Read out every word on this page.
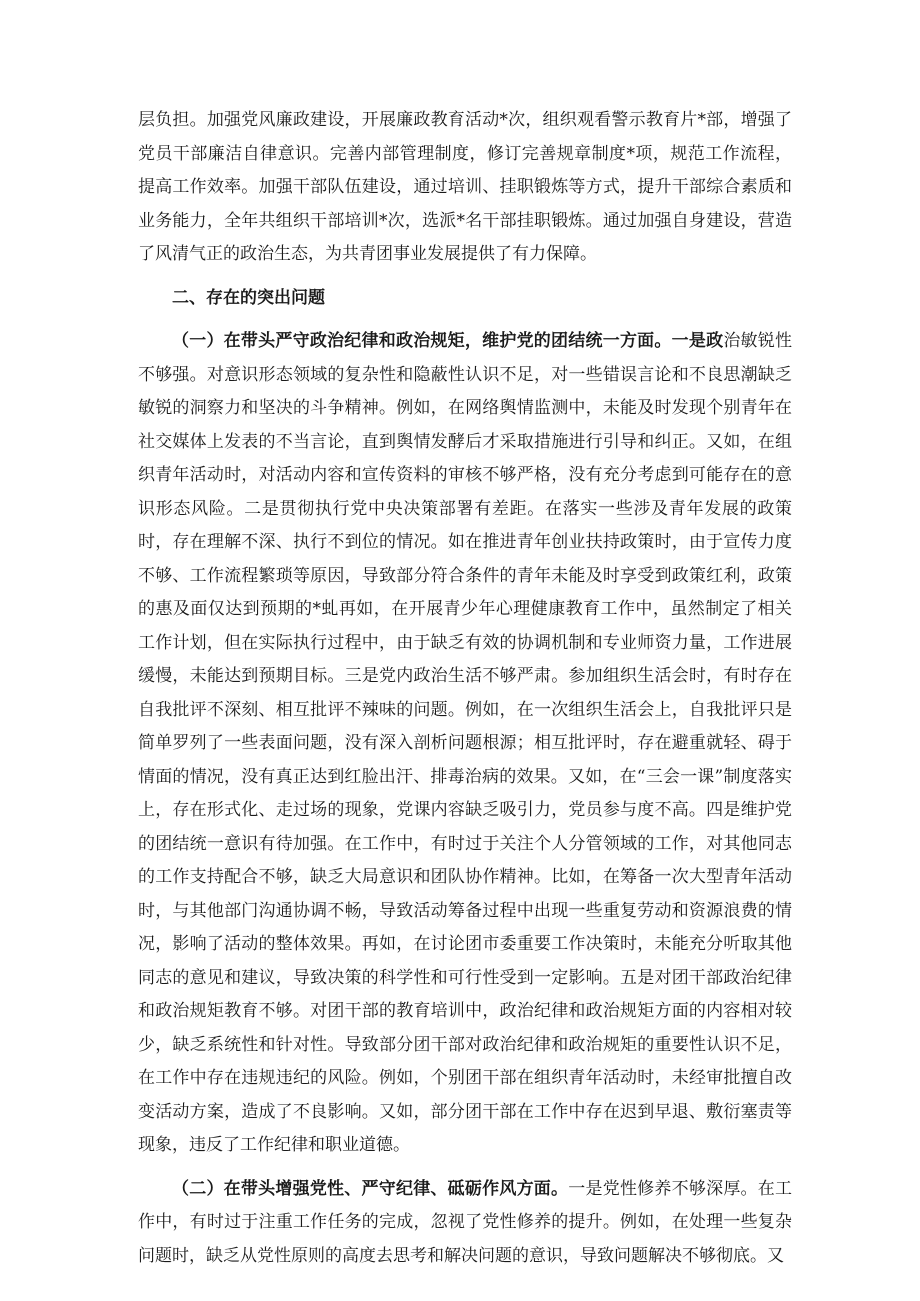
层负担。加强党风廉政建设，开展廉政教育活动*次，组织观看警示教育片*部，增强了党员干部廉洁自律意识。完善内部管理制度，修订完善规章制度*项，规范工作流程，提高工作效率。加强干部队伍建设，通过培训、挂职锻炼等方式，提升干部综合素质和业务能力，全年共组织干部培训*次，选派*名干部挂职锻炼。通过加强自身建设，营造了风清气正的政治生态，为共青团事业发展提供了有力保障。

二、存在的突出问题

（一）在带头严守政治纪律和政治规矩，维护党的团结统一方面。一是政治敏锐性不够强。对意识形态领域的复杂性和隐蔽性认识不足，对一些错误言论和不良思潮缺乏敏锐的洞察力和坚决的斗争精神。例如，在网络舆情监测中，未能及时发现个别青年在社交媒体上发表的不当言论，直到舆情发酵后才采取措施进行引导和纠正。又如，在组织青年活动时，对活动内容和宣传资料的审核不够严格，没有充分考虑到可能存在的意识形态风险。二是贯彻执行党中央决策部署有差距。在落实一些涉及青年发展的政策时，存在理解不深、执行不到位的情况。如在推进青年创业扶持政策时，由于宣传力度不够、工作流程繁琐等原因，导致部分符合条件的青年未能及时享受到政策红利，政策的惠及面仅达到预期的*虬再如，在开展青少年心理健康教育工作中，虽然制定了相关工作计划，但在实际执行过程中，由于缺乏有效的协调机制和专业师资力量，工作进展缓慢，未能达到预期目标。三是党内政治生活不够严肃。参加组织生活会时，有时存在自我批评不深刻、相互批评不辣味的问题。例如，在一次组织生活会上，自我批评只是简单罗列了一些表面问题，没有深入剖析问题根源；相互批评时，存在避重就轻、碍于情面的情况，没有真正达到红脸出汗、排毒治病的效果。又如，在“三会一课”制度落实上，存在形式化、走过场的现象，党课内容缺乏吸引力，党员参与度不高。四是维护党的团结统一意识有待加强。在工作中，有时过于关注个人分管领域的工作，对其他同志的工作支持配合不够，缺乏大局意识和团队协作精神。比如，在筹备一次大型青年活动时，与其他部门沟通协调不畅，导致活动筹备过程中出现一些重复劳动和资源浪费的情况，影响了活动的整体效果。再如，在讨论团市委重要工作决策时，未能充分听取其他同志的意见和建议，导致决策的科学性和可行性受到一定影响。五是对团干部政治纪律和政治规矩教育不够。对团干部的教育培训中，政治纪律和政治规矩方面的内容相对较少，缺乏系统性和针对性。导致部分团干部对政治纪律和政治规矩的重要性认识不足，在工作中存在违规违纪的风险。例如，个别团干部在组织青年活动时，未经审批擅自改变活动方案，造成了不良影响。又如，部分团干部在工作中存在迟到早退、敷衍塞责等现象，违反了工作纪律和职业道德。

（二）在带头增强党性、严守纪律、砥砺作风方面。一是党性修养不够深厚。在工作中，有时过于注重工作任务的完成，忽视了党性修养的提升。例如，在处理一些复杂问题时，缺乏从党性原则的高度去思考和解决问题的意识，导致问题解决不够彻底。又
